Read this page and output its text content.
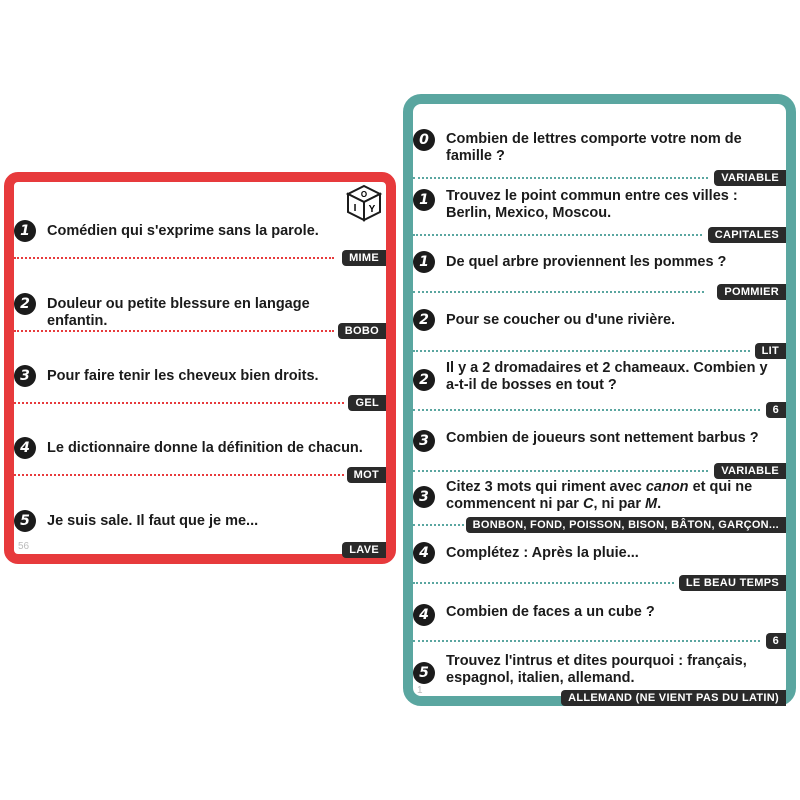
O
I Y
1	Comédien qui s'exprime sans la parole.
MIME
2	Douleur ou petite blessure en langage enfantin.
BOBO
3	Pour faire tenir les cheveux bien droits.
GEL
4	Le dictionnaire donne la définition de chacun.
MOT
5	Je suis sale. Il faut que je me...
LAVE
56
0	Combien de lettres comporte votre nom de famille ?
VARIABLE
1	Trouvez le point commun entre ces villes : Berlin, Mexico, Moscou.
CAPITALES
1	De quel arbre proviennent les pommes ?
POMMIER
2	Pour se coucher ou d'une rivière.
LIT
2
Il y a 2 dromadaires et 2 chameaux. Combien y a-t-il de bosses en tout ?
6
3	Combien de joueurs sont nettement barbus ?
VARIABLE
3
Citez 3 mots qui riment avec canon et qui ne commencent ni par C, ni par M.
BONBON, FOND, POISSON, BISON, BÂTON, GARÇON...
4	Complétez : Après la pluie...
LE BEAU TEMPS
4	Combien de faces a un cube ?
6
5
Trouvez l'intrus et dites pourquoi : français, espagnol, italien, allemand.
ALLEMAND (NE VIENT PAS DU LATIN)
1
